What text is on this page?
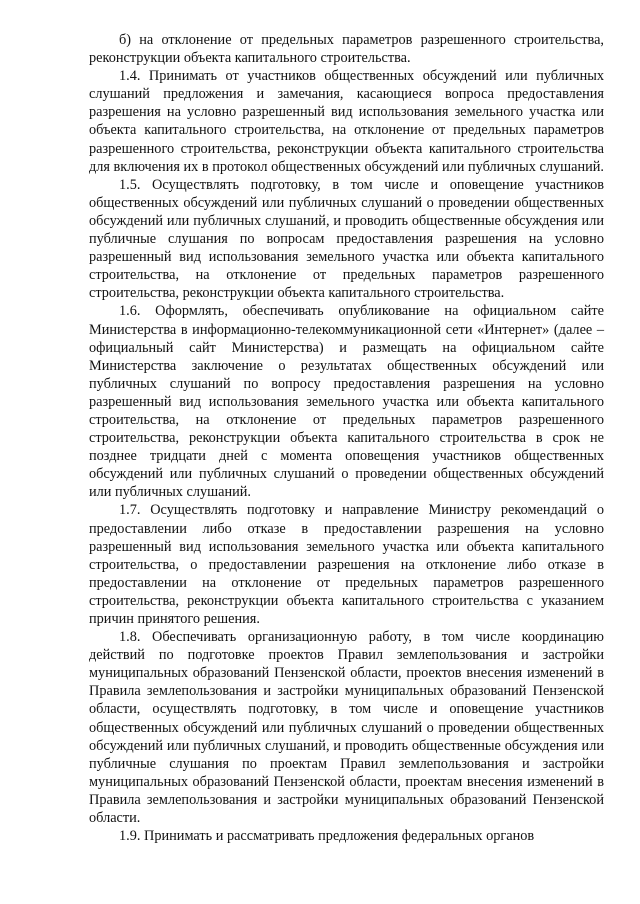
б) на отклонение от предельных параметров разрешенного строительства, реконструкции объекта капитального строительства.

1.4. Принимать от участников общественных обсуждений или публичных слушаний предложения и замечания, касающиеся вопроса предоставления разрешения на условно разрешенный вид использования земельного участка или объекта капитального строительства, на отклонение от предельных параметров разрешенного строительства, реконструкции объекта капитального строительства для включения их в протокол общественных обсуждений или публичных слушаний.

1.5. Осуществлять подготовку, в том числе и оповещение участников общественных обсуждений или публичных слушаний о проведении общественных обсуждений или публичных слушаний, и проводить общественные обсуждения или публичные слушания по вопросам предоставления разрешения на условно разрешенный вид использования земельного участка или объекта капитального строительства, на отклонение от предельных параметров разрешенного строительства, реконструкции объекта капитального строительства.

1.6. Оформлять, обеспечивать опубликование на официальном сайте Министерства в информационно-телекоммуникационной сети «Интернет» (далее – официальный сайт Министерства) и размещать на официальном сайте Министерства заключение о результатах общественных обсуждений или публичных слушаний по вопросу предоставления разрешения на условно разрешенный вид использования земельного участка или объекта капитального строительства, на отклонение от предельных параметров разрешенного строительства, реконструкции объекта капитального строительства в срок не позднее тридцати дней с момента оповещения участников общественных обсуждений или публичных слушаний о проведении общественных обсуждений или публичных слушаний.

1.7. Осуществлять подготовку и направление Министру рекомендаций о предоставлении либо отказе в предоставлении разрешения на условно разрешенный вид использования земельного участка или объекта капитального строительства, о предоставлении разрешения на отклонение либо отказе в предоставлении на отклонение от предельных параметров разрешенного строительства, реконструкции объекта капитального строительства с указанием причин принятого решения.

1.8. Обеспечивать организационную работу, в том числе координацию действий по подготовке проектов Правил землепользования и застройки муниципальных образований Пензенской области, проектов внесения изменений в Правила землепользования и застройки муниципальных образований Пензенской области, осуществлять подготовку, в том числе и оповещение участников общественных обсуждений или публичных слушаний о проведении общественных обсуждений или публичных слушаний, и проводить общественные обсуждения или публичные слушания по проектам Правил землепользования и застройки муниципальных образований Пензенской области, проектам внесения изменений в Правила землепользования и застройки муниципальных образований Пензенской области.

1.9. Принимать и рассматривать предложения федеральных органов
